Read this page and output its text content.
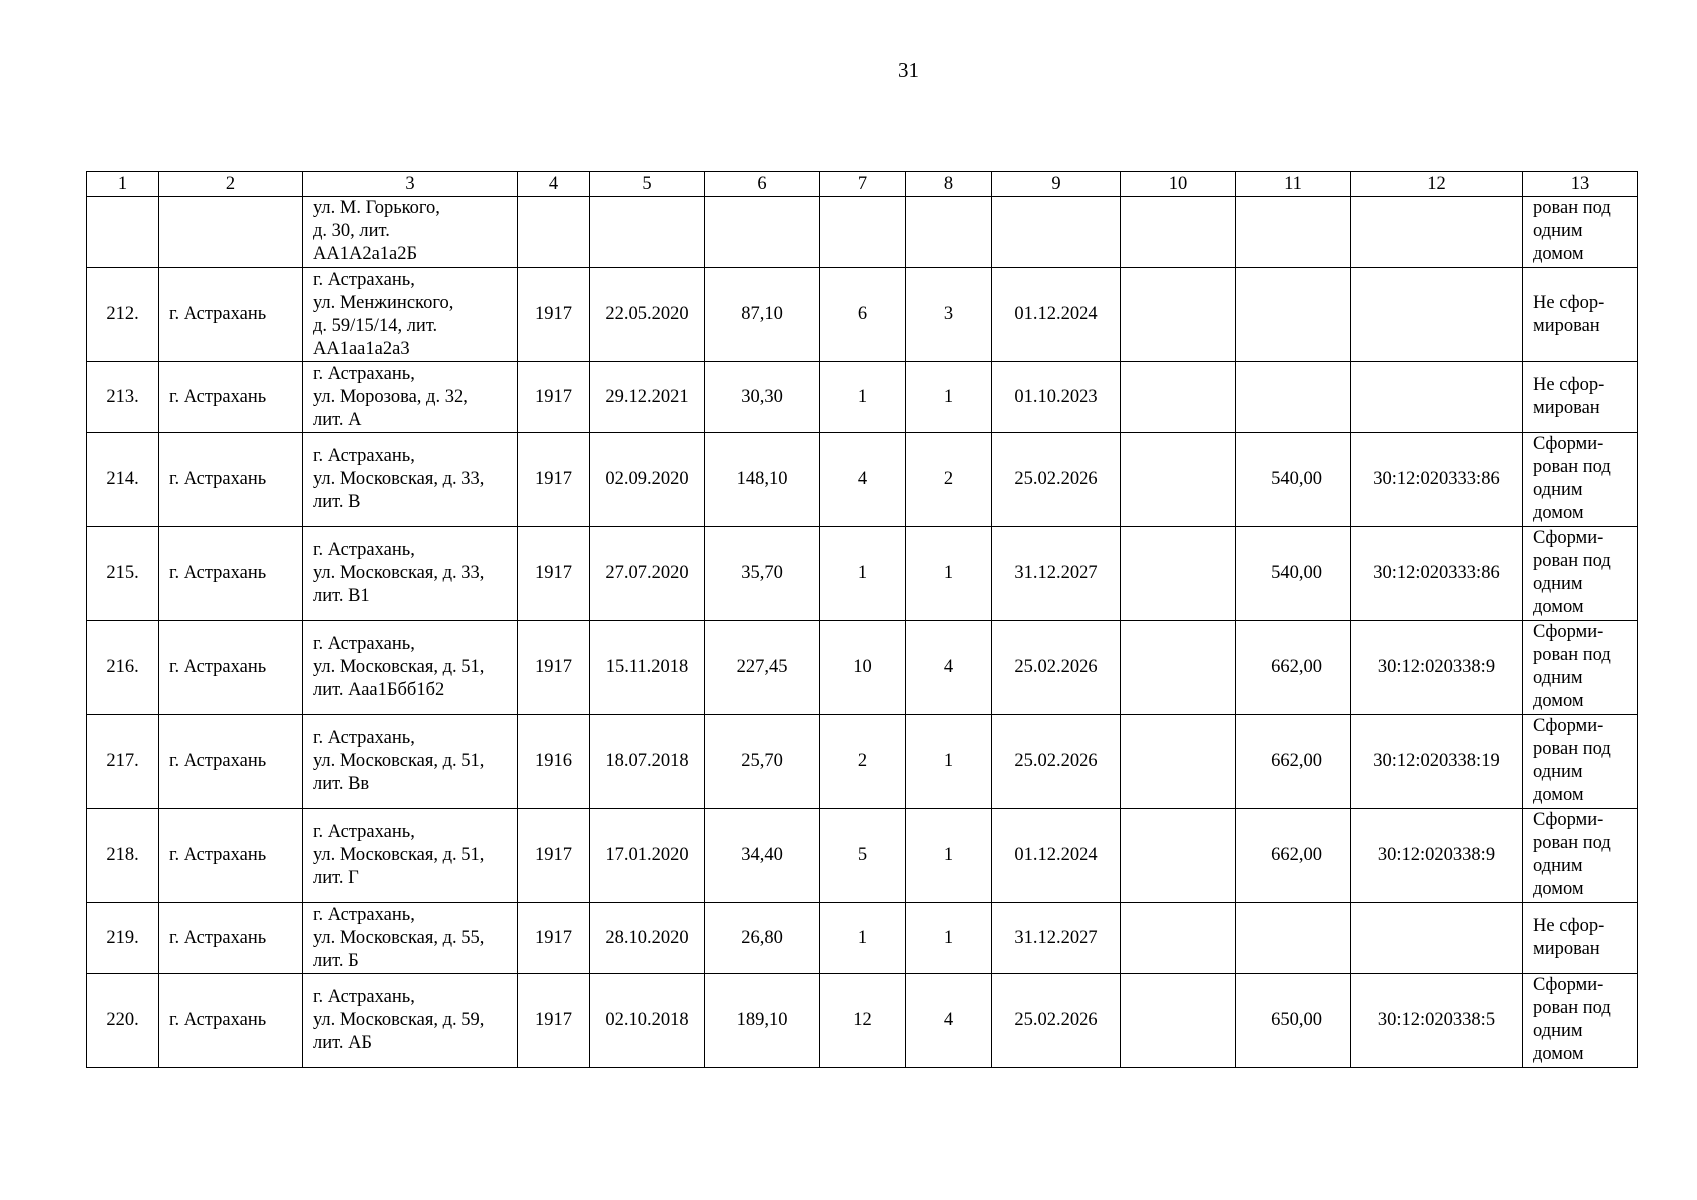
31
1	2	3	4	5	6	7	8	9	10	11	12	13

		ул. М. Горького,
д. 30, лит.
АА1А2а1а2Б										рован под
одним
домом

212.	г. Астрахань	г. Астрахань,
ул. Менжинского,
д. 59/15/14, лит.
АА1аа1а2а3	1917	22.05.2020	87,10	6	3	01.12.2024				Не сфор-
мирован

213.	г. Астрахань	г. Астрахань,
ул. Морозова, д. 32,
лит. А	1917	29.12.2021	30,30	1	1	01.10.2023				Не сфор-
мирован

214.	г. Астрахань	г. Астрахань,
ул. Московская, д. 33,
лит. В	1917	02.09.2020	148,10	4	2	25.02.2026		540,00	30:12:020333:86	Сформи-
рован под
одним
домом

215.	г. Астрахань	г. Астрахань,
ул. Московская, д. 33,
лит. В1	1917	27.07.2020	35,70	1	1	31.12.2027		540,00	30:12:020333:86	Сформи-
рован под
одним
домом

216.	г. Астрахань	г. Астрахань,
ул. Московская, д. 51,
лит. Ааа1Ббб1б2	1917	15.11.2018	227,45	10	4	25.02.2026		662,00	30:12:020338:9	Сформи-
рован под
одним
домом

217.	г. Астрахань	г. Астрахань,
ул. Московская, д. 51,
лит. Вв	1916	18.07.2018	25,70	2	1	25.02.2026		662,00	30:12:020338:19	Сформи-
рован под
одним
домом

218.	г. Астрахань	г. Астрахань,
ул. Московская, д. 51,
лит. Г	1917	17.01.2020	34,40	5	1	01.12.2024		662,00	30:12:020338:9	Сформи-
рован под
одним
домом

219.	г. Астрахань	г. Астрахань,
ул. Московская, д. 55,
лит. Б	1917	28.10.2020	26,80	1	1	31.12.2027				Не сфор-
мирован

220.	г. Астрахань	г. Астрахань,
ул. Московская, д. 59,
лит. АБ	1917	02.10.2018	189,10	12	4	25.02.2026		650,00	30:12:020338:5	Сформи-
рован под
одним
домом
